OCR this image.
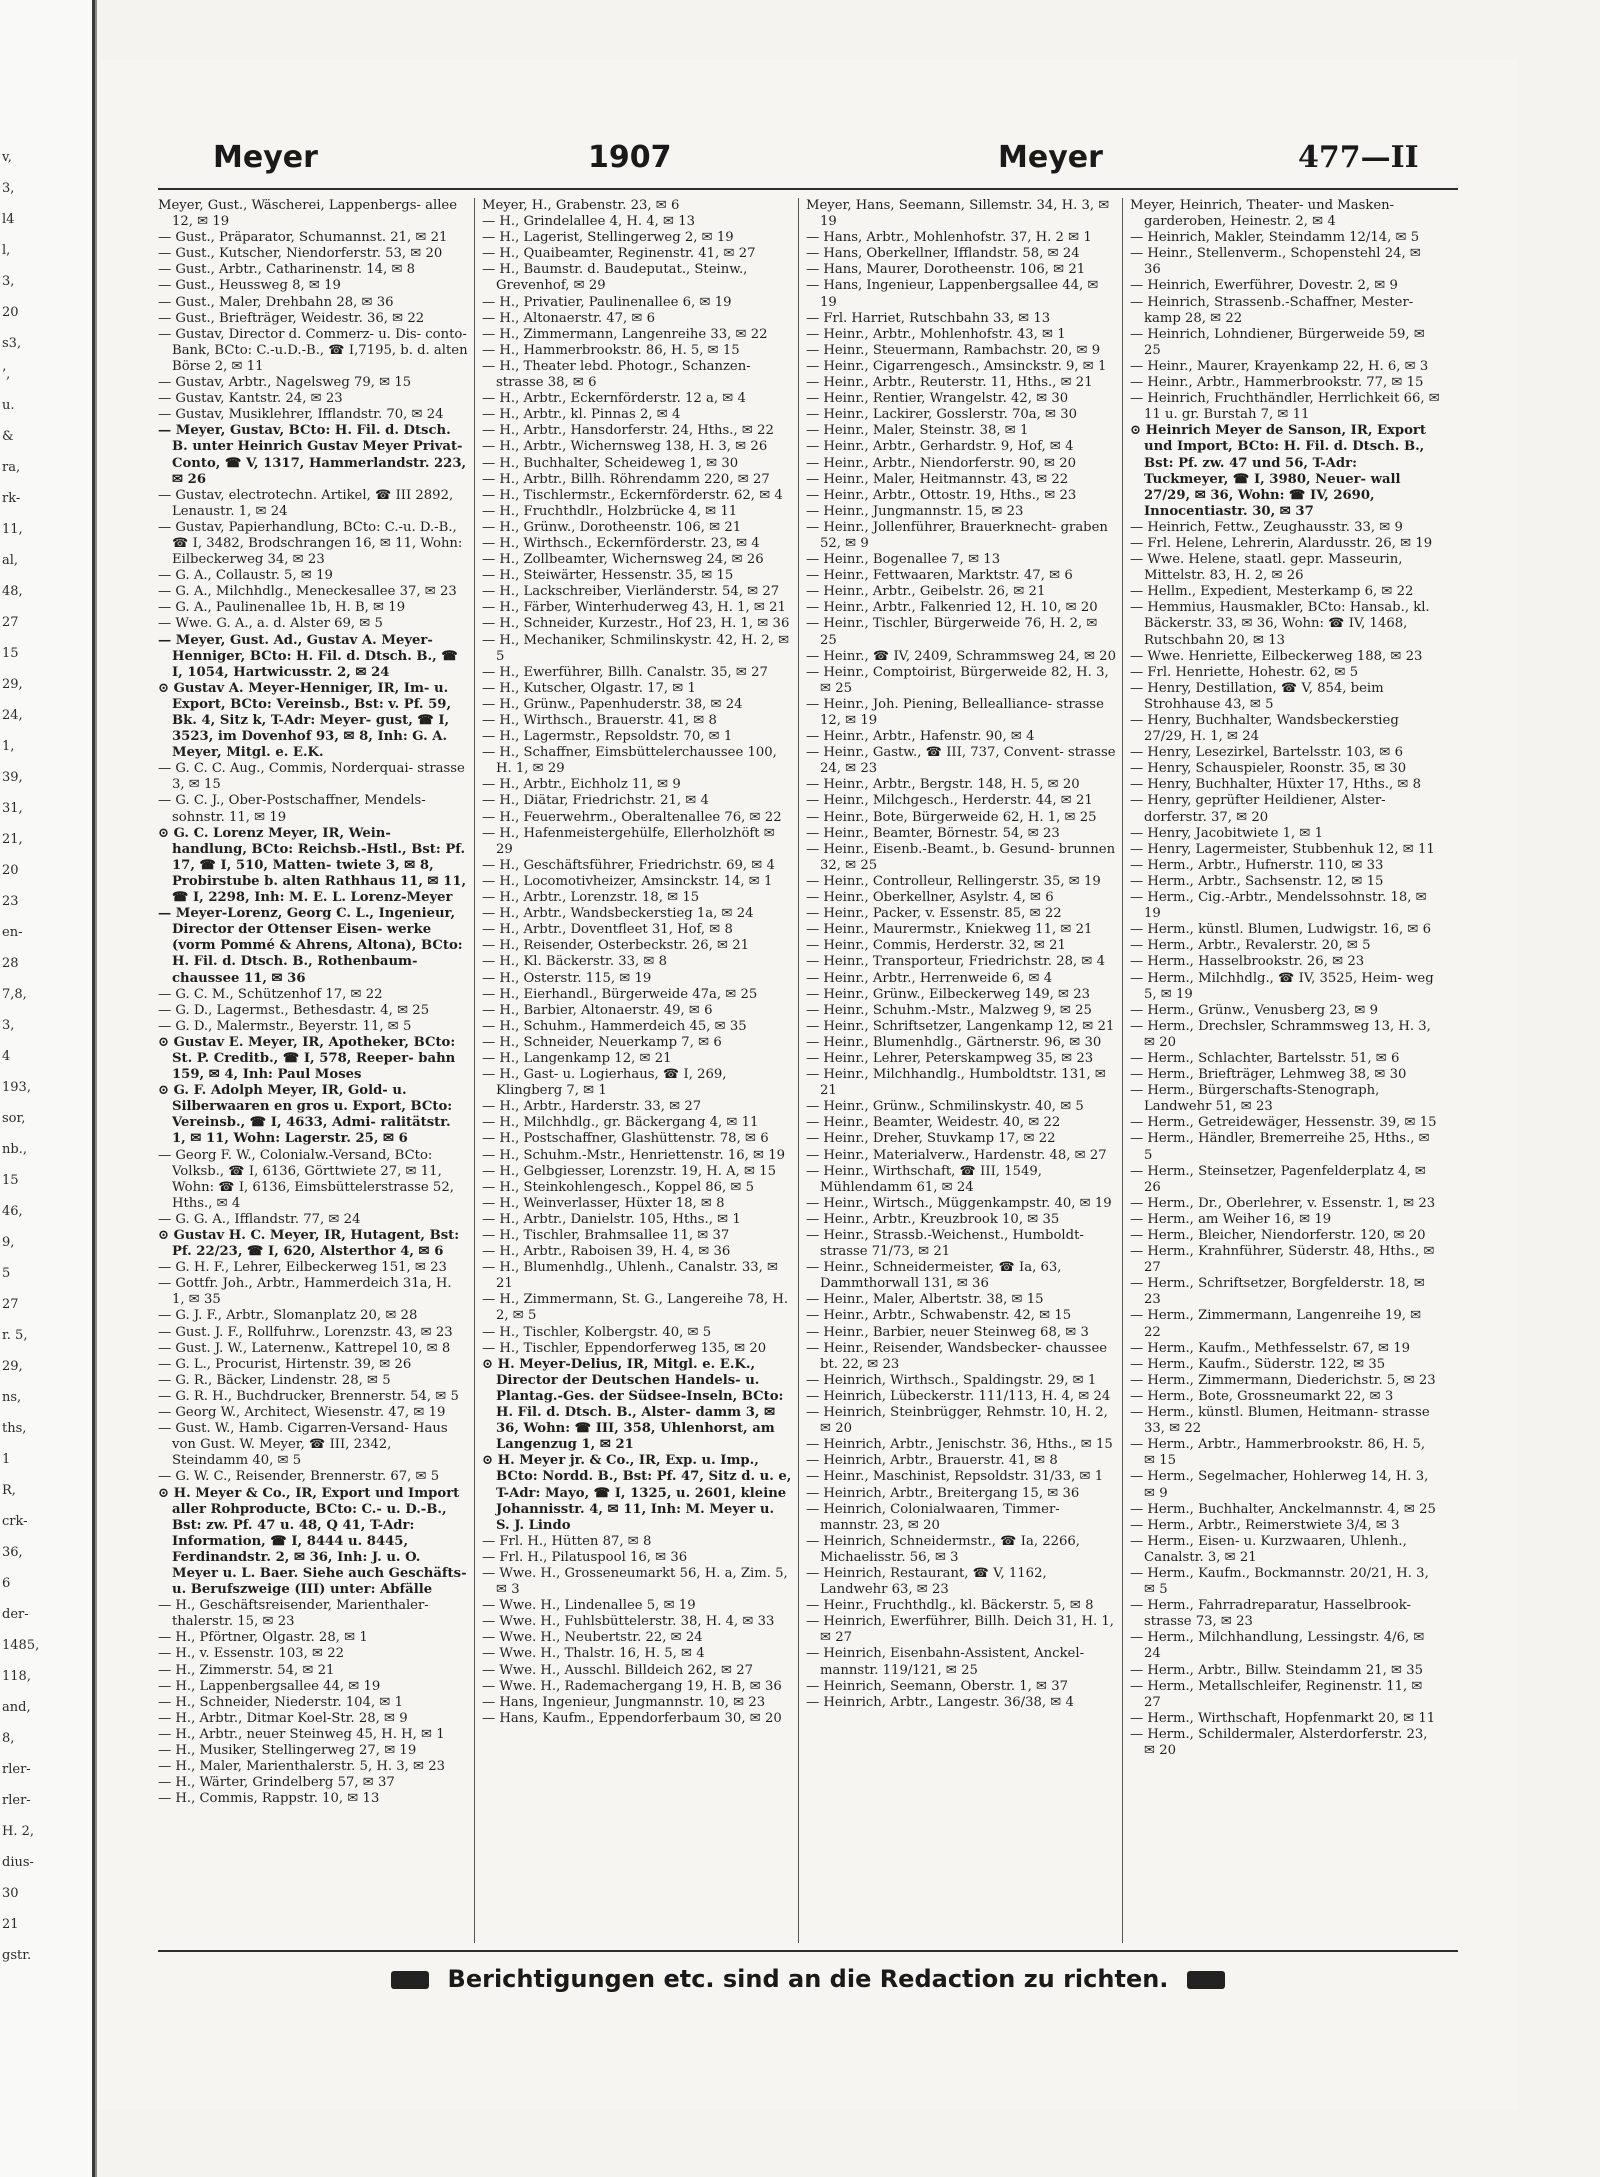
v,
3,
l4
l,
3,
20
s3,
’,
u.
&
ra,
rk-
11,
al,
48,
27
15
29,
24,
1,
39,
31,
21,
20
23
en-
28
7,8,
3,
4
193,
sor,
nb.,
15
46,
9,
5
27
r. 5,
29,
ns,
ths,
1
R,
crk-
36,
6
der-
1485,
118,
and,
8,
rler-
rler-
H. 2,
dius-
30
21
gstr.
Meyer	1907	Meyer	477—II

Meyer, Gust., Wäscherei, Lappenbergs- allee 12, ✉ 19

— Gust., Präparator, Schumannst. 21, ✉ 21

— Gust., Kutscher, Niendorferstr. 53, ✉ 20

— Gust., Arbtr., Catharinenstr. 14, ✉ 8

— Gust., Heussweg 8, ✉ 19

— Gust., Maler, Drehbahn 28, ✉ 36

— Gust., Briefträger, Weidestr. 36, ✉ 22

— Gustav, Director d. Commerz- u. Dis- conto-Bank, BCto: C.-u.D.-B., ☎ I,7195, b. d. alten Börse 2, ✉ 11

— Gustav, Arbtr., Nagelsweg 79, ✉ 15

— Gustav, Kantstr. 24, ✉ 23

— Gustav, Musiklehrer, Ifflandstr. 70, ✉ 24

— Meyer, Gustav, BCto: H. Fil. d. Dtsch. B. unter Heinrich Gustav Meyer Privat-Conto, ☎ V, 1317, Hammerlandstr. 223, ✉ 26

— Gustav, electrotechn. Artikel, ☎ III 2892, Lenaustr. 1, ✉ 24

— Gustav, Papierhandlung, BCto: C.-u. D.-B., ☎ I, 3482, Brodschrangen 16, ✉ 11, Wohn: Eilbeckerweg 34, ✉ 23

— G. A., Collaustr. 5, ✉ 19

— G. A., Milchhdlg., Meneckesallee 37, ✉ 23

— G. A., Paulinenallee 1b, H. B, ✉ 19

— Wwe. G. A., a. d. Alster 69, ✉ 5

— Meyer, Gust. Ad., Gustav A. Meyer-Henniger, BCto: H. Fil. d. Dtsch. B., ☎ I, 1054, Hartwicusstr. 2, ✉ 24

⊙ Gustav A. Meyer-Henniger, IR, Im- u. Export, BCto: Vereinsb., Bst: v. Pf. 59, Bk. 4, Sitz k, T-Adr: Meyer- gust, ☎ I, 3523, im Dovenhof 93, ✉ 8, Inh: G. A. Meyer, Mitgl. e. E.K.

— G. C. C. Aug., Commis, Norderquai- strasse 3, ✉ 15

— G. C. J., Ober-Postschaffner, Mendels- sohnstr. 11, ✉ 19

⊙ G. C. Lorenz Meyer, IR, Wein- handlung, BCto: Reichsb.-Hstl., Bst: Pf. 17, ☎ I, 510, Matten- twiete 3, ✉ 8, Probirstube b. alten Rathhaus 11, ✉ 11, ☎ I, 2298, Inh: M. E. L. Lorenz-Meyer

— Meyer-Lorenz, Georg C. L., Ingenieur, Director der Ottenser Eisen- werke (vorm Pommé & Ahrens, Altona), BCto: H. Fil. d. Dtsch. B., Rothenbaum- chaussee 11, ✉ 36

— G. C. M., Schützenhof 17, ✉ 22

— G. D., Lagermst., Bethesdastr. 4, ✉ 25

— G. D., Malermstr., Beyerstr. 11, ✉ 5

⊙ Gustav E. Meyer, IR, Apotheker, BCto: St. P. Creditb., ☎ I, 578, Reeper- bahn 159, ✉ 4, Inh: Paul Moses

⊙ G. F. Adolph Meyer, IR, Gold- u. Silberwaaren en gros u. Export, BCto: Vereinsb., ☎ I, 4633, Admi- ralitätstr. 1, ✉ 11, Wohn: Lagerstr. 25, ✉ 6

— Georg F. W., Colonialw.-Versand, BCto: Volksb., ☎ I, 6136, Görttwiete 27, ✉ 11, Wohn: ☎ I, 6136, Eimsbüttelerstrasse 52, Hths., ✉ 4

— G. G. A., Ifflandstr. 77, ✉ 24

⊙ Gustav H. C. Meyer, IR, Hutagent, Bst: Pf. 22/23, ☎ I, 620, Alsterthor 4, ✉ 6

— G. H. F., Lehrer, Eilbeckerweg 151, ✉ 23

— Gottfr. Joh., Arbtr., Hammerdeich 31a, H. 1, ✉ 35

— G. J. F., Arbtr., Slomanplatz 20, ✉ 28

— Gust. J. F., Rollfuhrw., Lorenzstr. 43, ✉ 23

— Gust. J. W., Laternenw., Kattrepel 10, ✉ 8

— G. L., Procurist, Hirtenstr. 39, ✉ 26

— G. R., Bäcker, Lindenstr. 28, ✉ 5

— G. R. H., Buchdrucker, Brennerstr. 54, ✉ 5

— Georg W., Architect, Wiesenstr. 47, ✉ 19

— Gust. W., Hamb. Cigarren-Versand- Haus von Gust. W. Meyer, ☎ III, 2342, Steindamm 40, ✉ 5

— G. W. C., Reisender, Brennerstr. 67, ✉ 5

⊙ H. Meyer & Co., IR, Export und Import aller Rohproducte, BCto: C.- u. D.-B., Bst: zw. Pf. 47 u. 48, Q 41, T-Adr: Information, ☎ I, 8444 u. 8445, Ferdinandstr. 2, ✉ 36, Inh: J. u. O. Meyer u. L. Baer. Siehe auch Geschäfts- u. Berufszweige (III) unter: Abfälle

— H., Geschäftsreisender, Marienthaler- thalerstr. 15, ✉ 23

— H., Pförtner, Olgastr. 28, ✉ 1

— H., v. Essenstr. 103, ✉ 22

— H., Zimmerstr. 54, ✉ 21

— H., Lappenbergsallee 44, ✉ 19

— H., Schneider, Niederstr. 104, ✉ 1

— H., Arbtr., Ditmar Koel-Str. 28, ✉ 9

— H., Arbtr., neuer Steinweg 45, H. H, ✉ 1

— H., Musiker, Stellingerweg 27, ✉ 19

— H., Maler, Marienthalerstr. 5, H. 3, ✉ 23

— H., Wärter, Grindelberg 57, ✉ 37

— H., Commis, Rappstr. 10, ✉ 13

Meyer, H., Grabenstr. 23, ✉ 6

— H., Grindelallee 4, H. 4, ✉ 13

— H., Lagerist, Stellingerweg 2, ✉ 19

— H., Quaibeamter, Reginenstr. 41, ✉ 27

— H., Baumstr. d. Baudeputat., Steinw., Grevenhof, ✉ 29

— H., Privatier, Paulinenallee 6, ✉ 19

— H., Altonaerstr. 47, ✉ 6

— H., Zimmermann, Langenreihe 33, ✉ 22

— H., Hammerbrookstr. 86, H. 5, ✉ 15

— H., Theater lebd. Photogr., Schanzen- strasse 38, ✉ 6

— H., Arbtr., Eckernförderstr. 12 a, ✉ 4

— H., Arbtr., kl. Pinnas 2, ✉ 4

— H., Arbtr., Hansdorferstr. 24, Hths., ✉ 22

— H., Arbtr., Wichernsweg 138, H. 3, ✉ 26

— H., Buchhalter, Scheideweg 1, ✉ 30

— H., Arbtr., Billh. Röhrendamm 220, ✉ 27

— H., Tischlermstr., Eckernförderstr. 62, ✉ 4

— H., Fruchthdlr., Holzbrücke 4, ✉ 11

— H., Grünw., Dorotheenstr. 106, ✉ 21

— H., Wirthsch., Eckernförderstr. 23, ✉ 4

— H., Zollbeamter, Wichernsweg 24, ✉ 26

— H., Steiwärter, Hessenstr. 35, ✉ 15

— H., Lackschreiber, Vierländerstr. 54, ✉ 27

— H., Färber, Winterhuderweg 43, H. 1, ✉ 21

— H., Schneider, Kurzestr., Hof 23, H. 1, ✉ 36

— H., Mechaniker, Schmilinskystr. 42, H. 2, ✉ 5

— H., Ewerführer, Billh. Canalstr. 35, ✉ 27

— H., Kutscher, Olgastr. 17, ✉ 1

— H., Grünw., Papenhuderstr. 38, ✉ 24

— H., Wirthsch., Brauerstr. 41, ✉ 8

— H., Lagermstr., Repsoldstr. 70, ✉ 1

— H., Schaffner, Eimsbüttelerchaussee 100, H. 1, ✉ 29

— H., Arbtr., Eichholz 11, ✉ 9

— H., Diätar, Friedrichstr. 21, ✉ 4

— H., Feuerwehrm., Oberaltenallee 76, ✉ 22

— H., Hafenmeistergehülfe, Ellerholzhöft ✉ 29

— H., Geschäftsführer, Friedrichstr. 69, ✉ 4

— H., Locomotivheizer, Amsinckstr. 14, ✉ 1

— H., Arbtr., Lorenzstr. 18, ✉ 15

— H., Arbtr., Wandsbeckerstieg 1a, ✉ 24

— H., Arbtr., Doventfleet 31, Hof, ✉ 8

— H., Reisender, Osterbeckstr. 26, ✉ 21

— H., Kl. Bäckerstr. 33, ✉ 8

— H., Osterstr. 115, ✉ 19

— H., Eierhandl., Bürgerweide 47a, ✉ 25

— H., Barbier, Altonaerstr. 49, ✉ 6

— H., Schuhm., Hammerdeich 45, ✉ 35

— H., Schneider, Neuerkamp 7, ✉ 6

— H., Langenkamp 12, ✉ 21

— H., Gast- u. Logierhaus, ☎ I, 269, Klingberg 7, ✉ 1

— H., Arbtr., Harderstr. 33, ✉ 27

— H., Milchhdlg., gr. Bäckergang 4, ✉ 11

— H., Postschaffner, Glashüttenstr. 78, ✉ 6

— H., Schuhm.-Mstr., Henriettenstr. 16, ✉ 19

— H., Gelbgiesser, Lorenzstr. 19, H. A, ✉ 15

— H., Steinkohlengesch., Koppel 86, ✉ 5

— H., Weinverlasser, Hüxter 18, ✉ 8

— H., Arbtr., Danielstr. 105, Hths., ✉ 1

— H., Tischler, Brahmsallee 11, ✉ 37

— H., Arbtr., Raboisen 39, H. 4, ✉ 36

— H., Blumenhdlg., Uhlenh., Canalstr. 33, ✉ 21

— H., Zimmermann, St. G., Langereihe 78, H. 2, ✉ 5

— H., Tischler, Kolbergstr. 40, ✉ 5

— H., Tischler, Eppendorferweg 135, ✉ 20

⊙ H. Meyer-Delius, IR, Mitgl. e. E.K., Director der Deutschen Handels- u. Plantag.-Ges. der Südsee-Inseln, BCto: H. Fil. d. Dtsch. B., Alster- damm 3, ✉ 36, Wohn: ☎ III, 358, Uhlenhorst, am Langenzug 1, ✉ 21

⊙ H. Meyer jr. & Co., IR, Exp. u. Imp., BCto: Nordd. B., Bst: Pf. 47, Sitz d. u. e, T-Adr: Mayo, ☎ I, 1325, u. 2601, kleine Johannisstr. 4, ✉ 11, Inh: M. Meyer u. S. J. Lindo

— Frl. H., Hütten 87, ✉ 8

— Frl. H., Pilatuspool 16, ✉ 36

— Wwe. H., Grosseneumarkt 56, H. a, Zim. 5, ✉ 3

— Wwe. H., Lindenallee 5, ✉ 19

— Wwe. H., Fuhlsbüttelerstr. 38, H. 4, ✉ 33

— Wwe. H., Neubertstr. 22, ✉ 24

— Wwe. H., Thalstr. 16, H. 5, ✉ 4

— Wwe. H., Ausschl. Billdeich 262, ✉ 27

— Wwe. H., Rademachergang 19, H. B, ✉ 36

— Hans, Ingenieur, Jungmannstr. 10, ✉ 23

— Hans, Kaufm., Eppendorferbaum 30, ✉ 20

Meyer, Hans, Seemann, Sillemstr. 34, H. 3, ✉ 19

— Hans, Arbtr., Mohlenhofstr. 37, H. 2 ✉ 1

— Hans, Oberkellner, Ifflandstr. 58, ✉ 24

— Hans, Maurer, Dorotheenstr. 106, ✉ 21

— Hans, Ingenieur, Lappenbergsallee 44, ✉ 19

— Frl. Harriet, Rutschbahn 33, ✉ 13

— Heinr., Arbtr., Mohlenhofstr. 43, ✉ 1

— Heinr., Steuermann, Rambachstr. 20, ✉ 9

— Heinr., Cigarrengesch., Amsinckstr. 9, ✉ 1

— Heinr., Arbtr., Reuterstr. 11, Hths., ✉ 21

— Heinr., Rentier, Wrangelstr. 42, ✉ 30

— Heinr., Lackirer, Gosslerstr. 70a, ✉ 30

— Heinr., Maler, Steinstr. 38, ✉ 1

— Heinr., Arbtr., Gerhardstr. 9, Hof, ✉ 4

— Heinr., Arbtr., Niendorferstr. 90, ✉ 20

— Heinr., Maler, Heitmannstr. 43, ✉ 22

— Heinr., Arbtr., Ottostr. 19, Hths., ✉ 23

— Heinr., Jungmannstr. 15, ✉ 23

— Heinr., Jollenführer, Brauerknecht- graben 52, ✉ 9

— Heinr., Bogenallee 7, ✉ 13

— Heinr., Fettwaaren, Marktstr. 47, ✉ 6

— Heinr., Arbtr., Geibelstr. 26, ✉ 21

— Heinr., Arbtr., Falkenried 12, H. 10, ✉ 20

— Heinr., Tischler, Bürgerweide 76, H. 2, ✉ 25

— Heinr., ☎ IV, 2409, Schrammsweg 24, ✉ 20

— Heinr., Comptoirist, Bürgerweide 82, H. 3, ✉ 25

— Heinr., Joh. Piening, Belleallianсe- strasse 12, ✉ 19

— Heinr., Arbtr., Hafenstr. 90, ✉ 4

— Heinr., Gastw., ☎ III, 737, Convent- strasse 24, ✉ 23

— Heinr., Arbtr., Bergstr. 148, H. 5, ✉ 20

— Heinr., Milchgesch., Herderstr. 44, ✉ 21

— Heinr., Bote, Bürgerweide 62, H. 1, ✉ 25

— Heinr., Beamter, Börnestr. 54, ✉ 23

— Heinr., Eisenb.-Beamt., b. Gesund- brunnen 32, ✉ 25

— Heinr., Controlleur, Rellingerstr. 35, ✉ 19

— Heinr., Oberkellner, Asylstr. 4, ✉ 6

— Heinr., Packer, v. Essenstr. 85, ✉ 22

— Heinr., Maurermstr., Kniekweg 11, ✉ 21

— Heinr., Commis, Herderstr. 32, ✉ 21

— Heinr., Transporteur, Friedrichstr. 28, ✉ 4

— Heinr., Arbtr., Herrenweide 6, ✉ 4

— Heinr., Grünw., Eilbeckerweg 149, ✉ 23

— Heinr., Schuhm.-Mstr., Malzweg 9, ✉ 25

— Heinr., Schriftsetzer, Langenkamp 12, ✉ 21

— Heinr., Blumenhdlg., Gärtnerstr. 96, ✉ 30

— Heinr., Lehrer, Peterskampweg 35, ✉ 23

— Heinr., Milchhandlg., Humboldtstr. 131, ✉ 21

— Heinr., Grünw., Schmilinskystr. 40, ✉ 5

— Heinr., Beamter, Weidestr. 40, ✉ 22

— Heinr., Dreher, Stuvkamp 17, ✉ 22

— Heinr., Materialverw., Hardenstr. 48, ✉ 27

— Heinr., Wirthschaft, ☎ III, 1549, Mühlendamm 61, ✉ 24

— Heinr., Wirtsch., Müggenkampstr. 40, ✉ 19

— Heinr., Arbtr., Kreuzbrook 10, ✉ 35

— Heinr., Strassb.-Weichenst., Humboldt- strasse 71/73, ✉ 21

— Heinr., Schneidermeister, ☎ Ia, 63, Dammthorwall 131, ✉ 36

— Heinr., Maler, Albertstr. 38, ✉ 15

— Heinr., Arbtr., Schwabenstr. 42, ✉ 15

— Heinr., Barbier, neuer Steinweg 68, ✉ 3

— Heinr., Reisender, Wandsbecker- chaussee bt. 22, ✉ 23

— Heinrich, Wirthsch., Spaldingstr. 29, ✉ 1

— Heinrich, Lübeckerstr. 111/113, H. 4, ✉ 24

— Heinrich, Steinbrügger, Rehmstr. 10, H. 2, ✉ 20

— Heinrich, Arbtr., Jenischstr. 36, Hths., ✉ 15

— Heinrich, Arbtr., Brauerstr. 41, ✉ 8

— Heinr., Maschinist, Repsoldstr. 31/33, ✉ 1

— Heinrich, Arbtr., Breitergang 15, ✉ 36

— Heinrich, Colonialwaaren, Timmer- mannstr. 23, ✉ 20

— Heinrich, Schneidermstr., ☎ Ia, 2266, Michaelisstr. 56, ✉ 3

— Heinrich, Restaurant, ☎ V, 1162, Landwehr 63, ✉ 23

— Heinr., Fruchthdlg., kl. Bäckerstr. 5, ✉ 8

— Heinrich, Ewerführer, Billh. Deich 31, H. 1, ✉ 27

— Heinrich, Eisenbahn-Assistent, Anckel- mannstr. 119/121, ✉ 25

— Heinrich, Seemann, Oberstr. 1, ✉ 37

— Heinrich, Arbtr., Langestr. 36/38, ✉ 4

Meyer, Heinrich, Theater- und Masken- garderoben, Heinestr. 2, ✉ 4

— Heinrich, Makler, Steindamm 12/14, ✉ 5

— Heinr., Stellenverm., Schopenstehl 24, ✉ 36

— Heinrich, Ewerführer, Dovestr. 2, ✉ 9

— Heinrich, Strassenb.-Schaffner, Mester- kamp 28, ✉ 22

— Heinrich, Lohndiener, Bürgerweide 59, ✉ 25

— Heinr., Maurer, Krayenkamp 22, H. 6, ✉ 3

— Heinr., Arbtr., Hammerbrookstr. 77, ✉ 15

— Heinrich, Fruchthändler, Herrlichkeit 66, ✉ 11 u. gr. Burstah 7, ✉ 11

⊙ Heinrich Meyer de Sanson, IR, Export und Import, BCto: H. Fil. d. Dtsch. B., Bst: Pf. zw. 47 und 56, T-Adr: Tuckmeyer, ☎ I, 3980, Neuer- wall 27/29, ✉ 36, Wohn: ☎ IV, 2690, Innocentiastr. 30, ✉ 37

— Heinrich, Fettw., Zeughausstr. 33, ✉ 9

— Frl. Helene, Lehrerin, Alardusstr. 26, ✉ 19

— Wwe. Helene, staatl. gepr. Masseurin, Mittelstr. 83, H. 2, ✉ 26

— Hellm., Expedient, Mesterkamp 6, ✉ 22

— Hemmius, Hausmakler, BCto: Hansab., kl. Bäckerstr. 33, ✉ 36, Wohn: ☎ IV, 1468, Rutschbahn 20, ✉ 13

— Wwe. Henriette, Eilbeckerweg 188, ✉ 23

— Frl. Henriette, Hohestr. 62, ✉ 5

— Henry, Destillation, ☎ V, 854, beim Strohhause 43, ✉ 5

— Henry, Buchhalter, Wandsbeckerstieg 27/29, H. 1, ✉ 24

— Henry, Lesezirkel, Bartelsstr. 103, ✉ 6

— Henry, Schauspieler, Roonstr. 35, ✉ 30

— Henry, Buchhalter, Hüxter 17, Hths., ✉ 8

— Henry, geprüfter Heildiener, Alster- dorferstr. 37, ✉ 20

— Henry, Jacobitwiete 1, ✉ 1

— Henry, Lagermeister, Stubbenhuk 12, ✉ 11

— Herm., Arbtr., Hufnerstr. 110, ✉ 33

— Herm., Arbtr., Sachsenstr. 12, ✉ 15

— Herm., Cig.-Arbtr., Mendelssohnstr. 18, ✉ 19

— Herm., künstl. Blumen, Ludwigstr. 16, ✉ 6

— Herm., Arbtr., Revalerstr. 20, ✉ 5

— Herm., Hasselbrookstr. 26, ✉ 23

— Herm., Milchhdlg., ☎ IV, 3525, Heim- weg 5, ✉ 19

— Herm., Grünw., Venusberg 23, ✉ 9

— Herm., Drechsler, Schrammsweg 13, H. 3, ✉ 20

— Herm., Schlachter, Bartelsstr. 51, ✉ 6

— Herm., Briefträger, Lehmweg 38, ✉ 30

— Herm., Bürgerschafts-Stenograph, Landwehr 51, ✉ 23

— Herm., Getreidewäger, Hessenstr. 39, ✉ 15

— Herm., Händler, Bremerreihe 25, Hths., ✉ 5

— Herm., Steinsetzer, Pagenfelderplatz 4, ✉ 26

— Herm., Dr., Oberlehrer, v. Essenstr. 1, ✉ 23

— Herm., am Weiher 16, ✉ 19

— Herm., Bleicher, Niendorferstr. 120, ✉ 20

— Herm., Krahnführer, Süderstr. 48, Hths., ✉ 27

— Herm., Schriftsetzer, Borgfelderstr. 18, ✉ 23

— Herm., Zimmermann, Langenreihe 19, ✉ 22

— Herm., Kaufm., Methfesselstr. 67, ✉ 19

— Herm., Kaufm., Süderstr. 122, ✉ 35

— Herm., Zimmermann, Diederichstr. 5, ✉ 23

— Herm., Bote, Grossneumarkt 22, ✉ 3

— Herm., künstl. Blumen, Heitmann- strasse 33, ✉ 22

— Herm., Arbtr., Hammerbrookstr. 86, H. 5, ✉ 15

— Herm., Segelmacher, Hohlerweg 14, H. 3, ✉ 9

— Herm., Buchhalter, Anckelmannstr. 4, ✉ 25

— Herm., Arbtr., Reimerstwiete 3/4, ✉ 3

— Herm., Eisen- u. Kurzwaaren, Uhlenh., Canalstr. 3, ✉ 21

— Herm., Kaufm., Bockmannstr. 20/21, H. 3, ✉ 5

— Herm., Fahrradreparatur, Hasselbrook- strasse 73, ✉ 23

— Herm., Milchhandlung, Lessingstr. 4/6, ✉ 24

— Herm., Arbtr., Billw. Steindamm 21, ✉ 35

— Herm., Metallschleifer, Reginenstr. 11, ✉ 27

— Herm., Wirthschaft, Hopfenmarkt 20, ✉ 11

— Herm., Schildermaler, Alsterdorferstr. 23, ✉ 20

Berichtigungen etc. sind an die Redaction zu richten.
